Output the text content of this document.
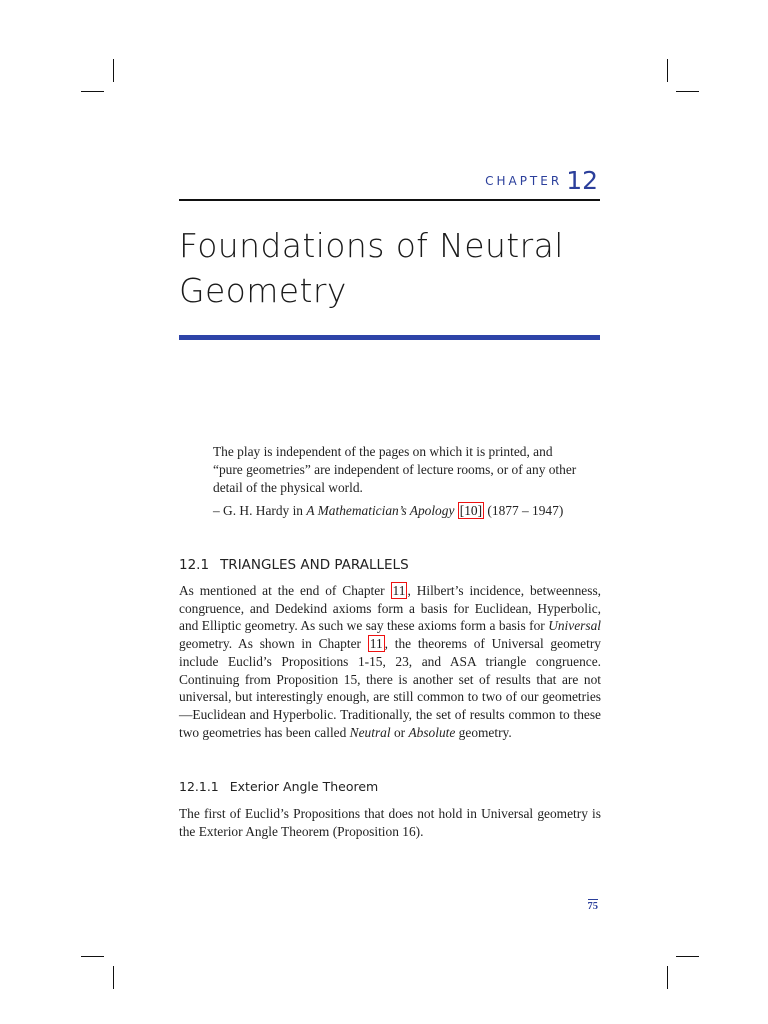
$^{CHAPTER}$ 12
Foundations of Neutral
Geometry

The play is independent of the pages on which it is printed, and “pure geometries” are independent of lecture rooms, or of any other detail of the physical world.

– G. H. Hardy in A Mathematician’s Apology [10] (1877 – 1947)

12.1 TRIANGLES AND PARALLELS

As mentioned at the end of Chapter 11 , Hilbert’s incidence, betweenness, congruence, and Dedekind axioms form a basis for Euclidean, Hyperbolic, and Elliptic geometry. As such we say these axioms form a basis for Universal geometry. As shown in Chapter 11 , the theorems of Universal geometry include Euclid’s Propositions 1-15, 23, and ASA triangle congruence. Continuing from Proposition 15, there is another set of results that are not universal, but interestingly enough, are still common to two of our geometries —Euclidean and Hyperbolic. Traditionally, the set of results common to these two geometries has been called Neutral or Absolute geometry.

12.1.1 Exterior Angle Theorem

The first of Euclid’s Propositions that does not hold in Universal geometry is the Exterior Angle Theorem (Proposition 16).

75
